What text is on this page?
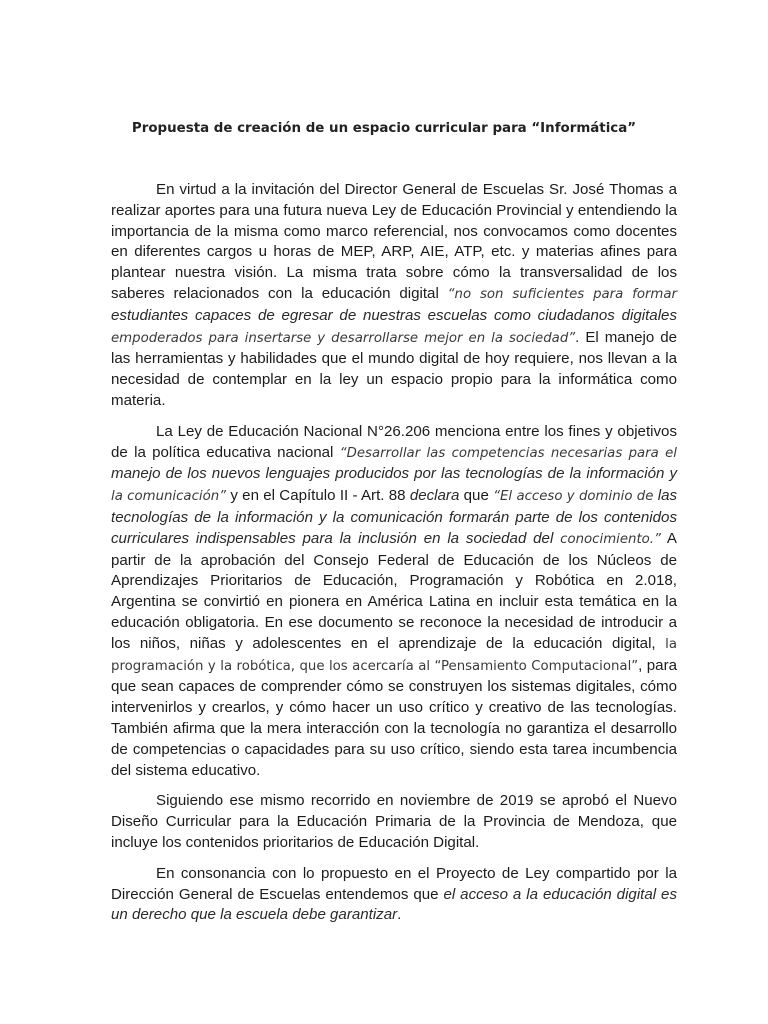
Propuesta de creación de un espacio curricular para “Informática”

En virtud a la invitación del Director General de Escuelas Sr. José Thomas a realizar aportes para una futura nueva Ley de Educación Provincial y entendiendo la importancia de la misma como marco referencial, nos convocamos como docentes en diferentes cargos u horas de MEP, ARP, AIE, ATP, etc. y materias afines para plantear nuestra visión. La misma trata sobre cómo la transversalidad de los saberes relacionados con la educación digital “no son suficientes para formar estudiantes capaces de egresar de nuestras escuelas como ciudadanos digitales empoderados para insertarse y desarrollarse mejor en la sociedad”. El manejo de las herramientas y habilidades que el mundo digital de hoy requiere, nos llevan a la necesidad de contemplar en la ley un espacio propio para la informática como materia.

La Ley de Educación Nacional N°26.206 menciona entre los fines y objetivos de la política educativa nacional “Desarrollar las competencias necesarias para el manejo de los nuevos lenguajes producidos por las tecnologías de la información y la comunicación” y en el Capítulo II - Art. 88 declara que “El acceso y dominio de las tecnologías de la información y la comunicación formarán parte de los contenidos curriculares indispensables para la inclusión en la sociedad del conocimiento.” A partir de la aprobación del Consejo Federal de Educación de los Núcleos de Aprendizajes Prioritarios de Educación, Programación y Robótica en 2.018, Argentina se convirtió en pionera en América Latina en incluir esta temática en la educación obligatoria. En ese documento se reconoce la necesidad de introducir a los niños, niñas y adolescentes en el aprendizaje de la educación digital, la programación y la robótica, que los acercaría al “Pensamiento Computacional”, para que sean capaces de comprender cómo se construyen los sistemas digitales, cómo intervenirlos y crearlos, y cómo hacer un uso crítico y creativo de las tecnologías. También afirma que la mera interacción con la tecnología no garantiza el desarrollo de competencias o capacidades para su uso crítico, siendo esta tarea incumbencia del sistema educativo.

Siguiendo ese mismo recorrido en noviembre de 2019 se aprobó el Nuevo Diseño Curricular para la Educación Primaria de la Provincia de Mendoza, que incluye los contenidos prioritarios de Educación Digital.

En consonancia con lo propuesto en el Proyecto de Ley compartido por la Dirección General de Escuelas entendemos que el acceso a la educación digital es un derecho que la escuela debe garantizar.
